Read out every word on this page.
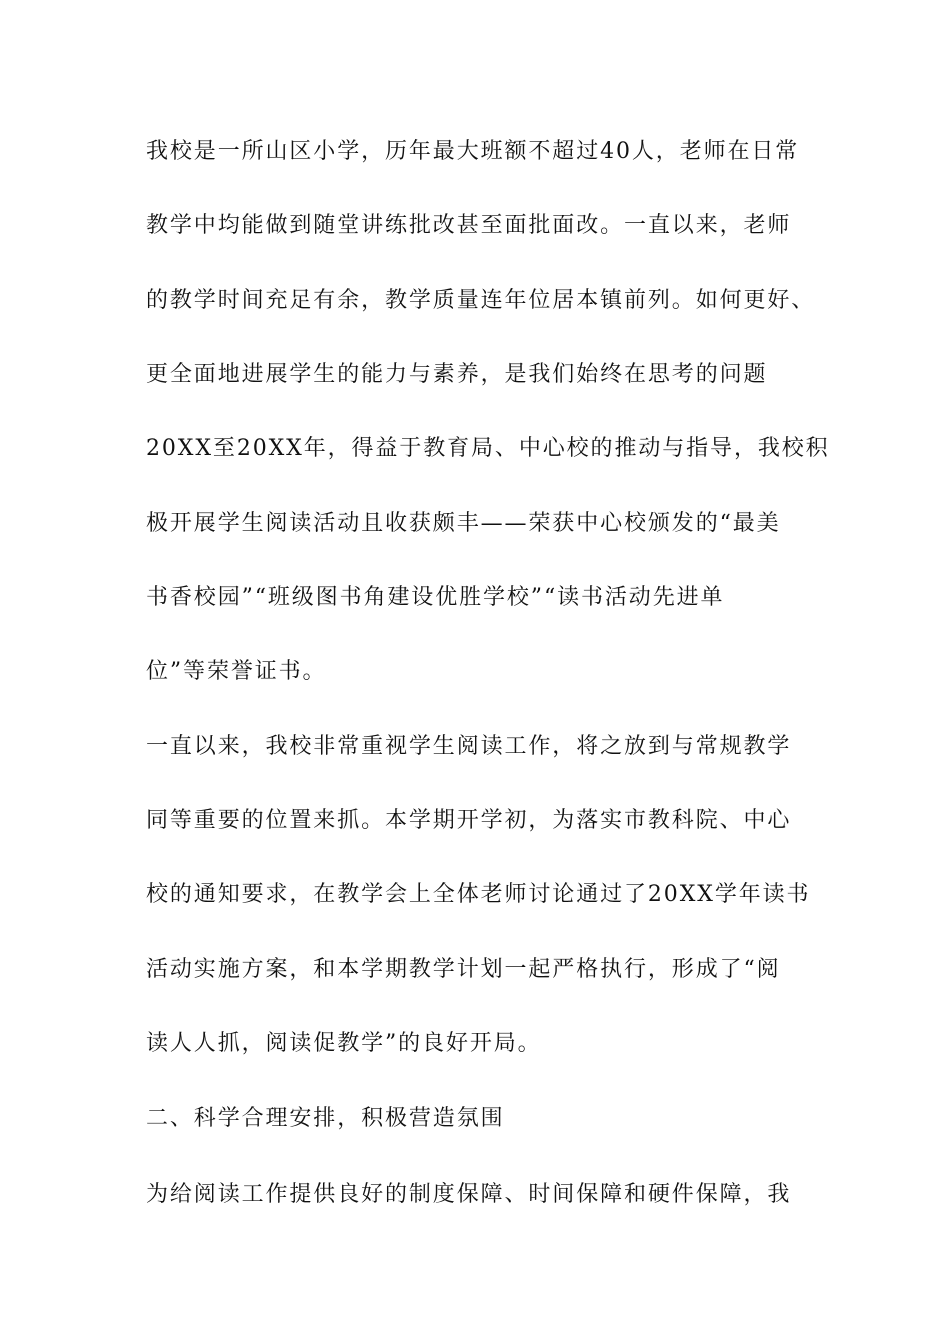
我校是一所山区小学，历年最大班额不超过40人，老师在日常
教学中均能做到随堂讲练批改甚至面批面改。一直以来，老师
的教学时间充足有余，教学质量连年位居本镇前列。如何更好、
更全面地进展学生的能力与素养，是我们始终在思考的问题
20XX至20XX年，得益于教育局、中心校的推动与指导，我校积
极开展学生阅读活动且收获颇丰——荣获中心校颁发的“最美
书香校园”“班级图书角建设优胜学校”“读书活动先进单
位”等荣誉证书。
一直以来，我校非常重视学生阅读工作，将之放到与常规教学
同等重要的位置来抓。本学期开学初，为落实市教科院、中心
校的通知要求，在教学会上全体老师讨论通过了20XX学年读书
活动实施方案，和本学期教学计划一起严格执行，形成了“阅
读人人抓，阅读促教学”的良好开局。
二、科学合理安排，积极营造氛围
为给阅读工作提供良好的制度保障、时间保障和硬件保障，我
